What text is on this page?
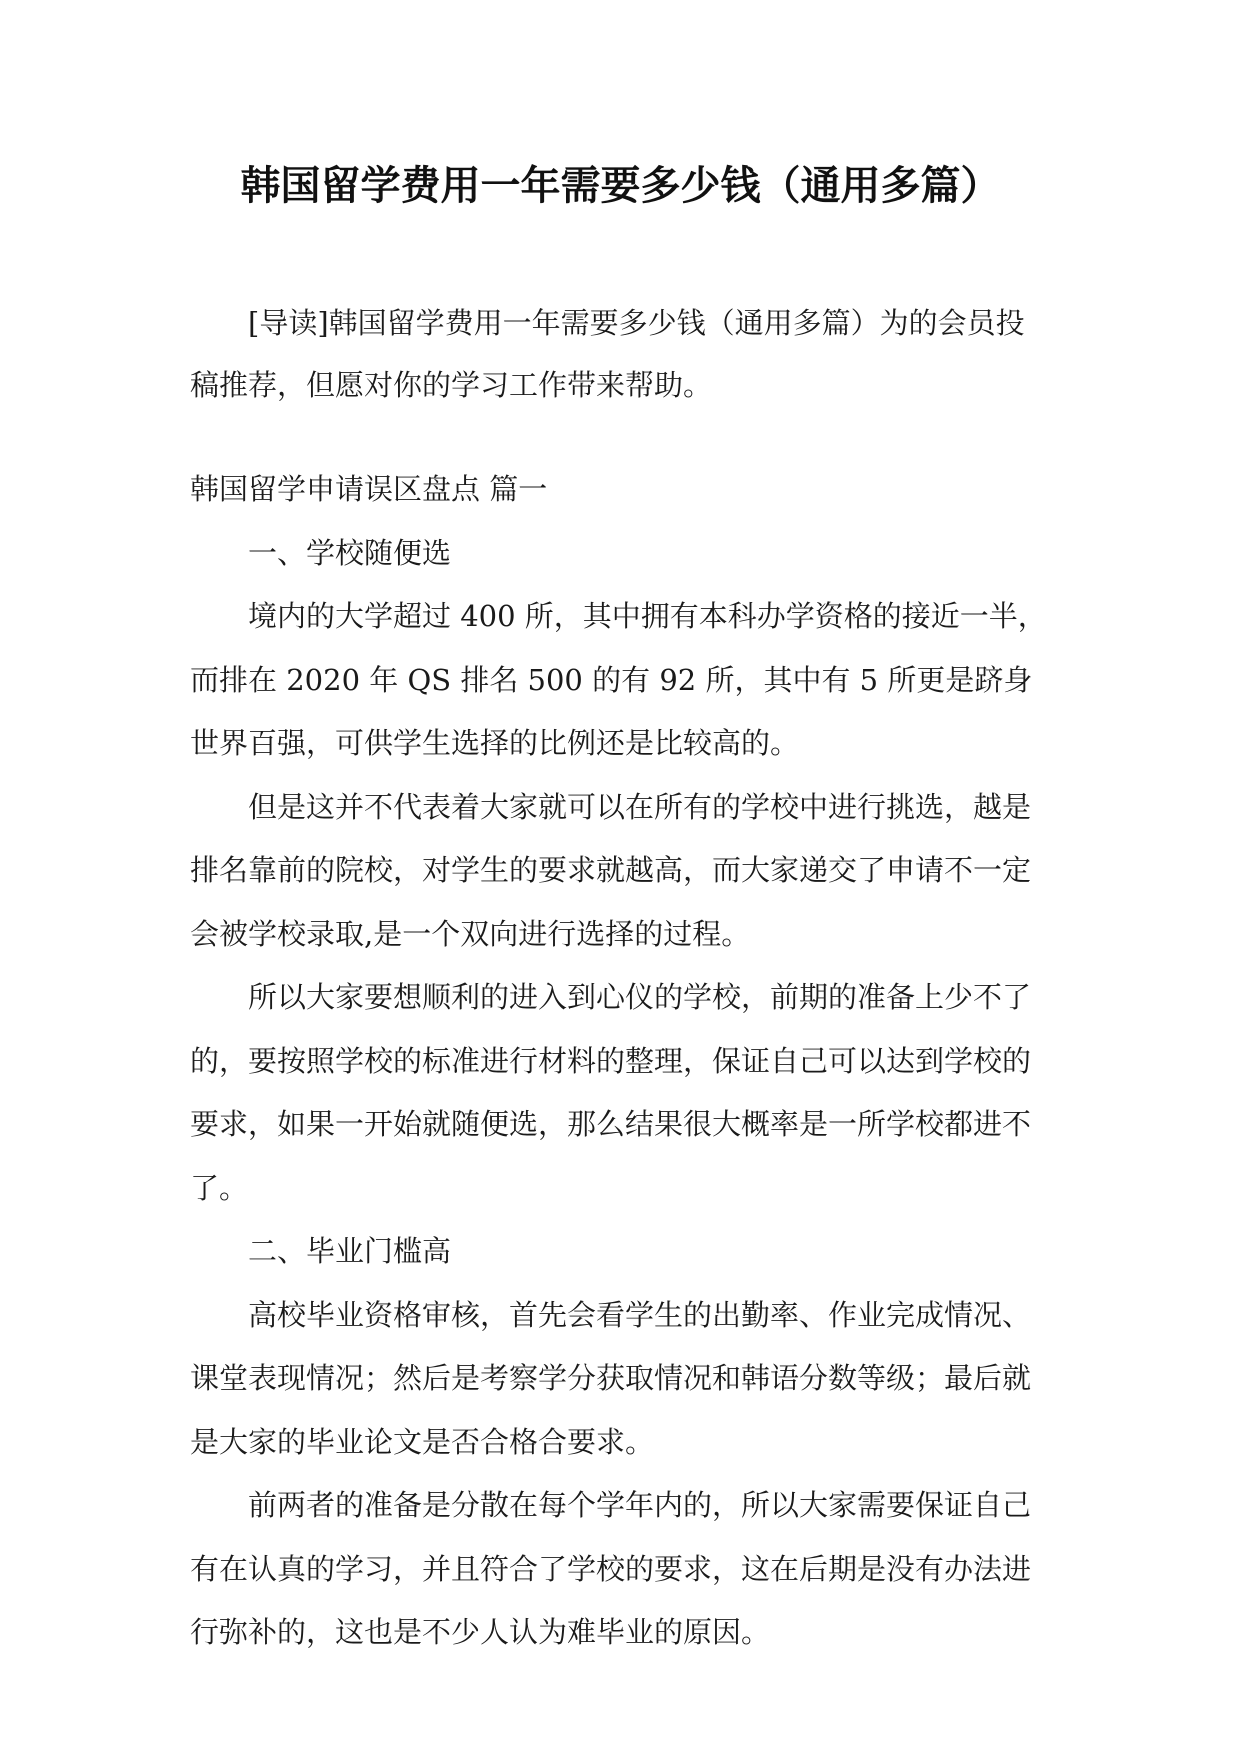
韩国留学费用一年需要多少钱（通用多篇）

[导读]韩国留学费用一年需要多少钱（通用多篇）为的会员投稿推荐，但愿对你的学习工作带来帮助。

韩国留学申请误区盘点 篇一

一、学校随便选

境内的大学超过 400 所，其中拥有本科办学资格的接近一半，而排在 2020 年 QS 排名 500 的有 92 所，其中有 5 所更是跻身世界百强，可供学生选择的比例还是比较高的。

但是这并不代表着大家就可以在所有的学校中进行挑选，越是排名靠前的院校，对学生的要求就越高，而大家递交了申请不一定会被学校录取,是一个双向进行选择的过程。

所以大家要想顺利的进入到心仪的学校，前期的准备上少不了的，要按照学校的标准进行材料的整理，保证自己可以达到学校的要求，如果一开始就随便选，那么结果很大概率是一所学校都进不了。

二、毕业门槛高

高校毕业资格审核，首先会看学生的出勤率、作业完成情况、课堂表现情况；然后是考察学分获取情况和韩语分数等级；最后就是大家的毕业论文是否合格合要求。

前两者的准备是分散在每个学年内的，所以大家需要保证自己有在认真的学习，并且符合了学校的要求，这在后期是没有办法进行弥补的，这也是不少人认为难毕业的原因。
